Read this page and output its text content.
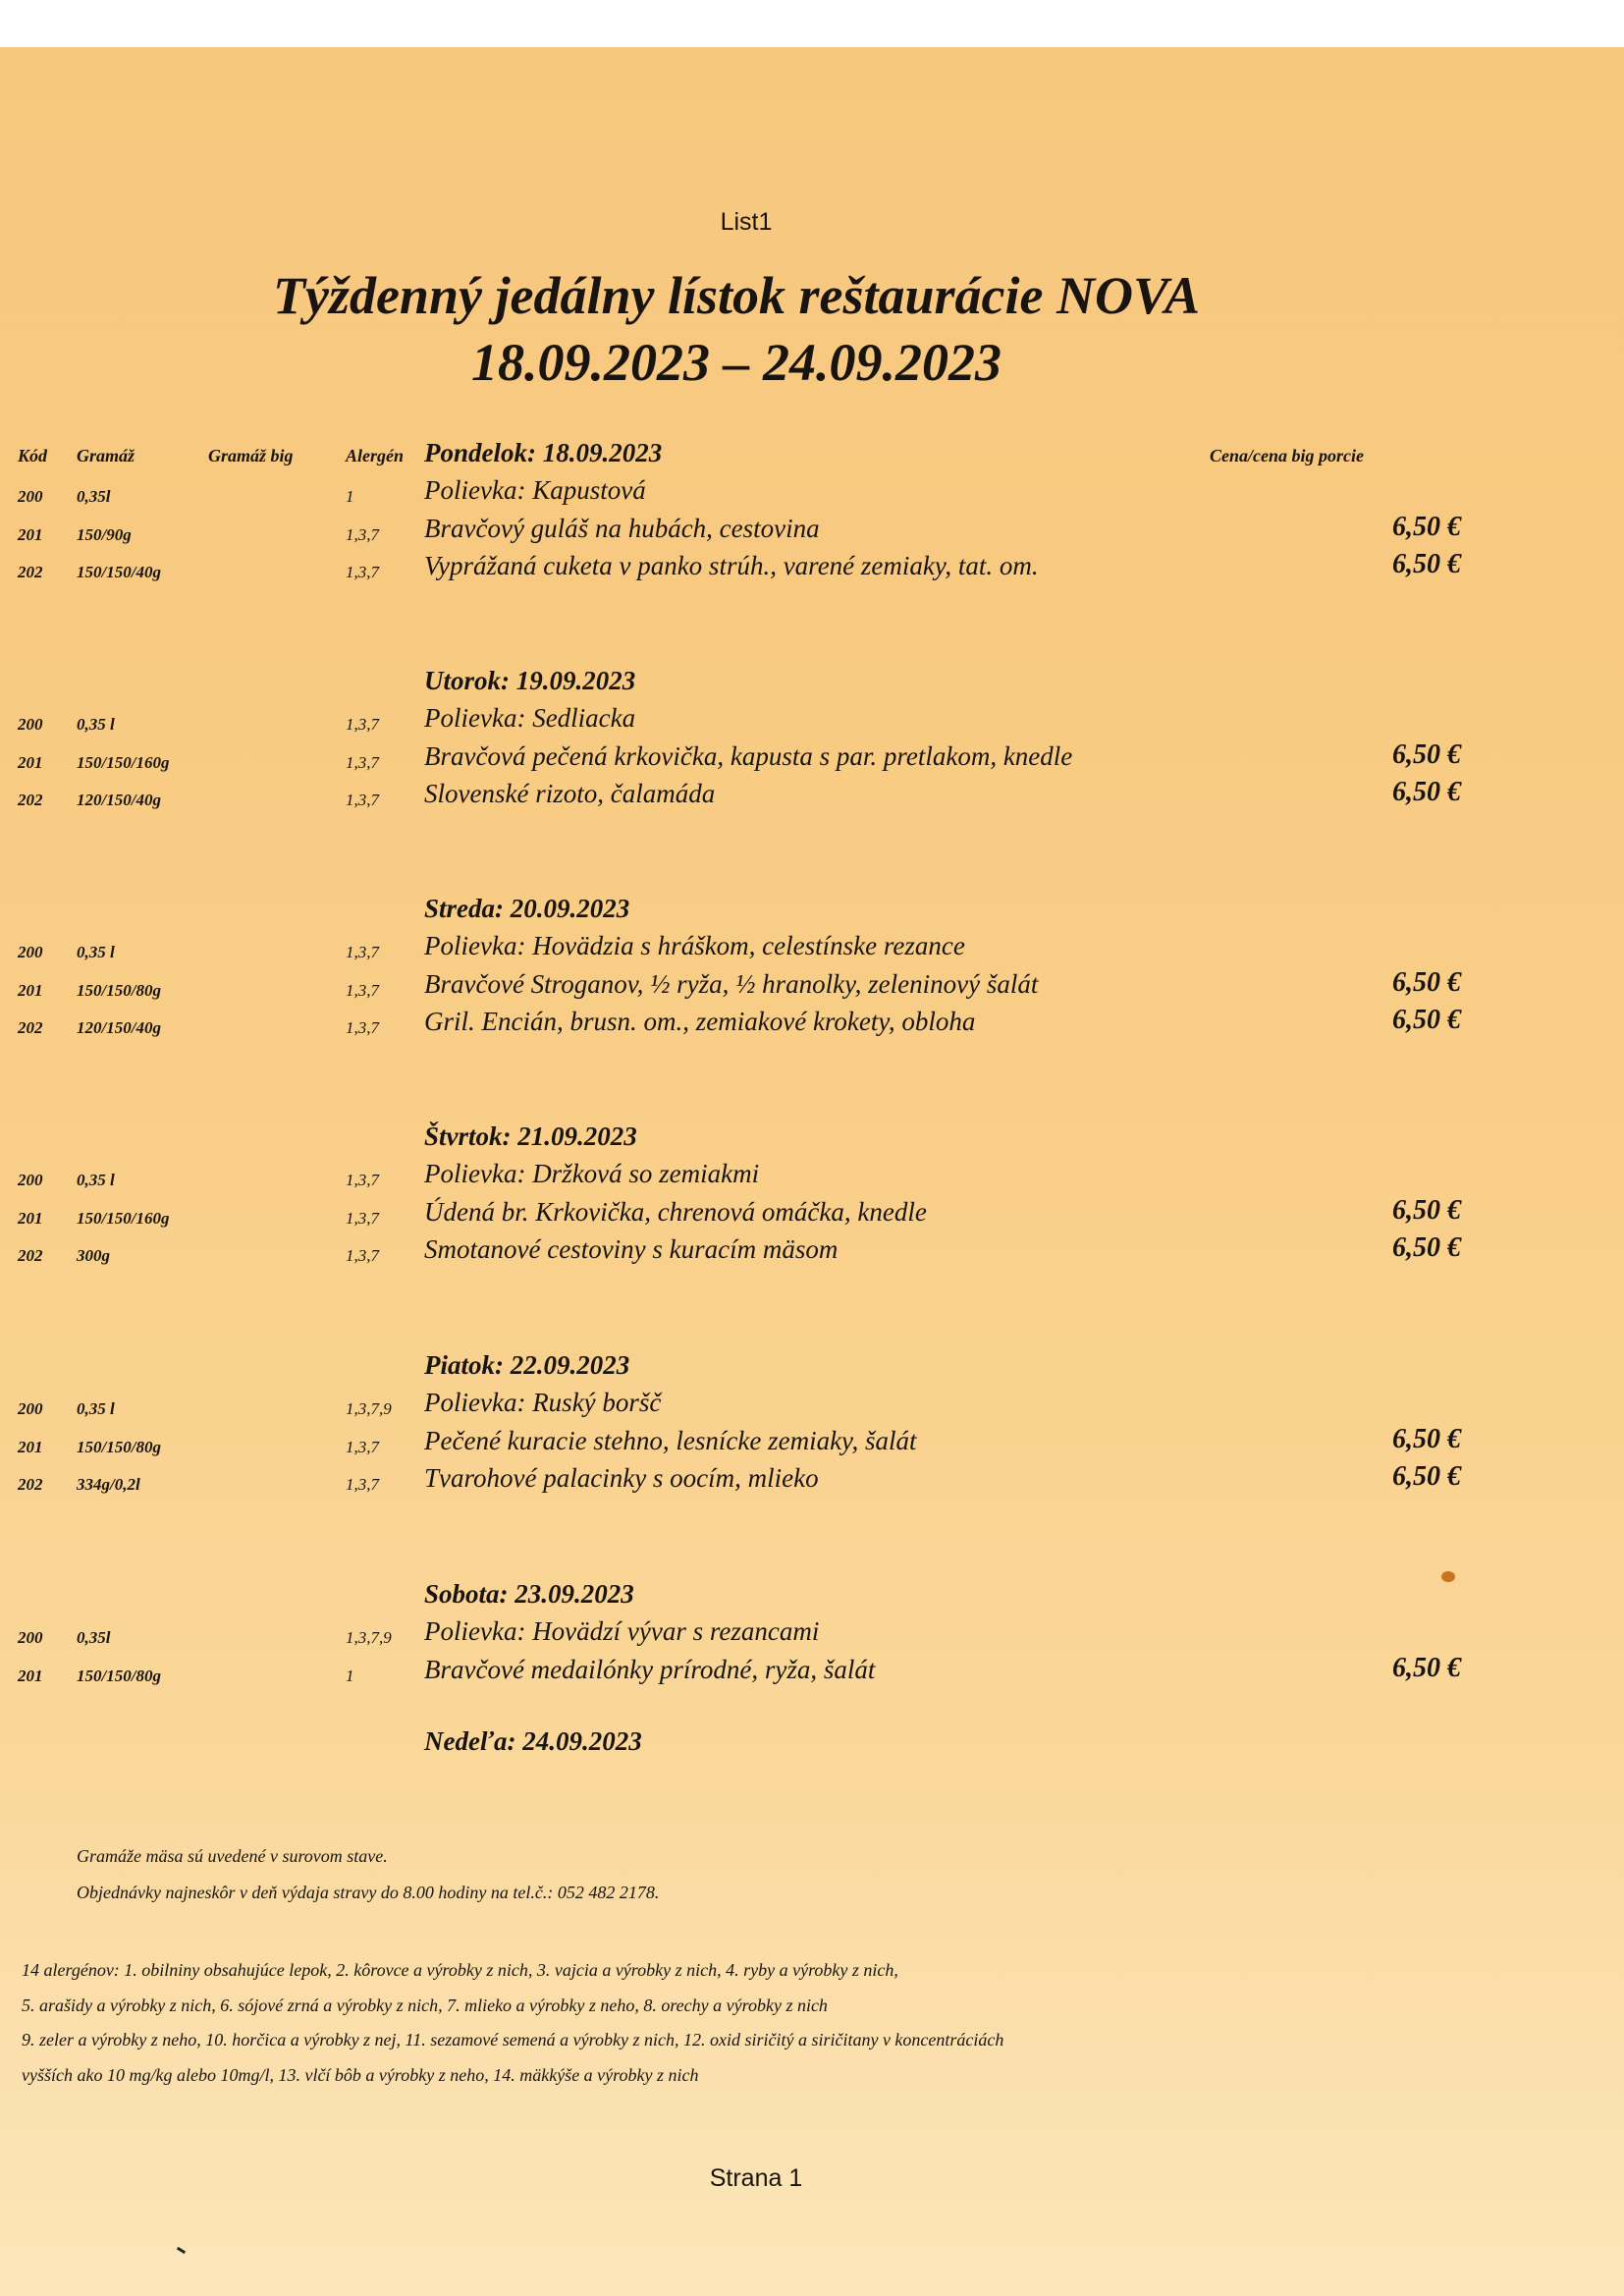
List1
Týždenný jedálny lístok reštaurácie NOVA
18.09.2023 – 24.09.2023
Kód Gramáž	Gramáž big	Alergén	Cena/cena big porcie
Pondelok: 18.09.2023
200 0,35l	1	Polievka: Kapustová
201 150/90g	1,3,7 Bravčový guláš na hubách, cestovina	6,50 €
202 150/150/40g	1,3,7 Vyprážaná cuketa v panko strúh., varené zemiaky, tat. om.	6,50 €
Utorok: 19.09.2023
200 0,35 l	1,3,7 Polievka: Sedliacka
201 150/150/160g	1,3,7 Bravčová pečená krkovička, kapusta s par. pretlakom, knedle	6,50 €
202 120/150/40g	1,3,7 Slovenské rizoto, čalamáda	6,50 €
Streda: 20.09.2023
200 0,35 l	1,3,7 Polievka: Hovädzia s hráškom, celestínske rezance
201 150/150/80g	1,3,7 Bravčové Stroganov, ½ ryža, ½ hranolky, zeleninový šalát	6,50 €
202 120/150/40g	1,3,7 Gril. Encián, brusn. om., zemiakové krokety, obloha	6,50 €
Štvrtok: 21.09.2023
200 0,35 l	1,3,7 Polievka: Držková so zemiakmi
201 150/150/160g	1,3,7 Údená br. Krkovička, chrenová omáčka, knedle	6,50 €
202 300g	1,3,7 Smotanové cestoviny s kuracím mäsom	6,50 €
Piatok: 22.09.2023
200 0,35 l	1,3,7,9 Polievka: Ruský boršč
201 150/150/80g	1,3,7 Pečené kuracie stehno, lesnícke zemiaky, šalát	6,50 €
202 334g/0,2l	1,3,7 Tvarohové palacinky s oocím, mlieko	6,50 €
Sobota: 23.09.2023
200 0,35l	1,3,7,9 Polievka: Hovädzí vývar s rezancami
201 150/150/80g	1	Bravčové medailónky prírodné, ryža, šalát	6,50 €
Nedeľa: 24.09.2023
Gramáže mäsa sú uvedené v surovom stave.
Objednávky najneskôr v deň výdaja stravy do 8.00 hodiny na tel.č.: 052 482 2178.
14 alergénov: 1. obilniny obsahujúce lepok, 2. kôrovce a výrobky z nich, 3. vajcia a výrobky z nich, 4. ryby a výrobky z nich,
5. arašidy a výrobky z nich, 6. sójové zrná a výrobky z nich, 7. mlieko a výrobky z neho, 8. orechy a výrobky z nich
9. zeler a výrobky z neho, 10. horčica a výrobky z nej, 11. sezamové semená a výrobky z nich, 12. oxid siričitý a siričitany v koncentráciách
vyšších ako 10 mg/kg alebo 10mg/l, 13. vlčí bôb a výrobky z neho, 14. mäkkýše a výrobky z nich
Strana 1
